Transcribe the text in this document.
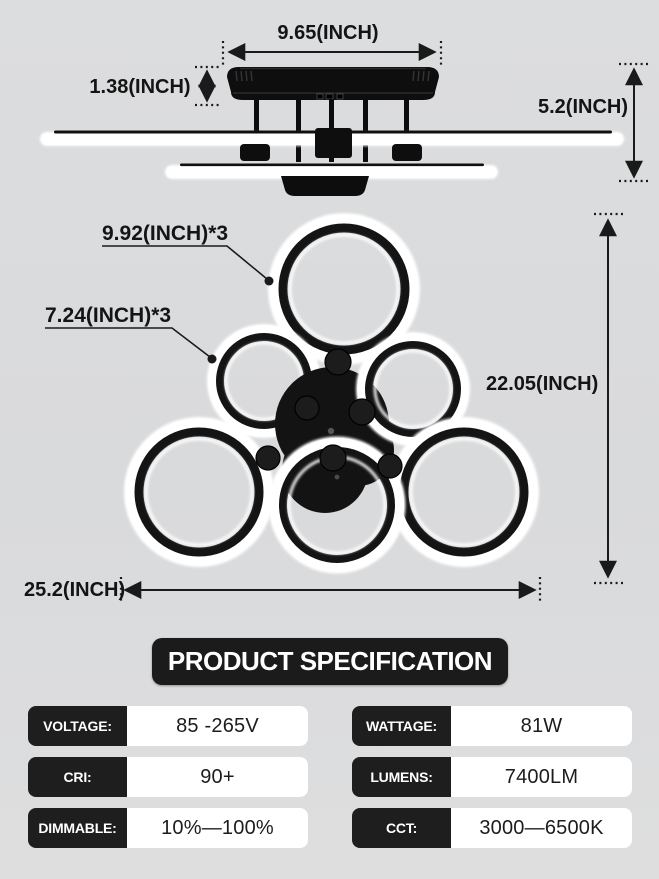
9.65(INCH)
1.38(INCH)
5.2(INCH)
9.92(INCH)*3
7.24(INCH)*3
22.05(INCH)
25.2(INCH)
PRODUCT SPECIFICATION
VOLTAGE:	85 -265V
CRI:	90+
DIMMABLE:	10%—100%
WATTAGE:	81W
LUMENS:	7400LM
CCT:	3000—6500K
